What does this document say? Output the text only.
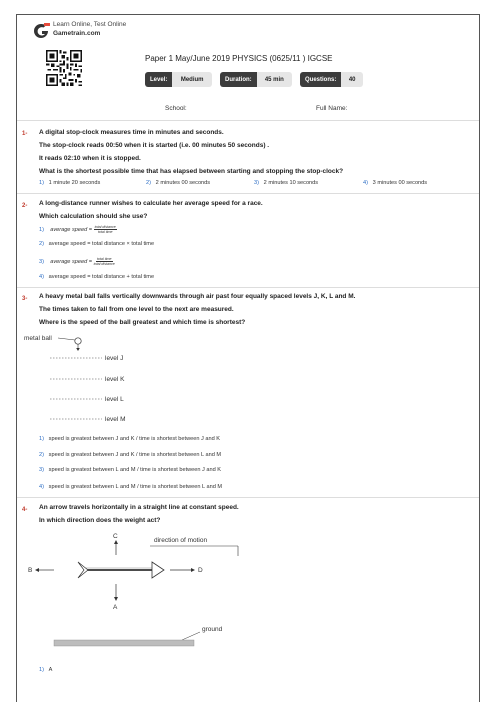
Learn Online, Test Online
Gametrain.com
Paper 1 May/June 2019 PHYSICS (0625/11 ) IGCSE
Level:	Medium	Duration:	45 min	Questions:	40
School:	Full Name:
1- A digital stop-clock measures time in minutes and seconds.
The stop-clock reads 00:50 when it is started (i.e. 00 minutes 50 seconds) .
It reads 02:10 when it is stopped.
What is the shortest possible time that has elapsed between starting and stopping the stop-clock?
1) 1 minute 20 seconds	2) 2 minutes 00 seconds	3) 2 minutes 10 seconds	4) 3 minutes 00 seconds
2- A long-distance runner wishes to calculate her average speed for a race.
Which calculation should she use?
1) average speed = $\frac{\text{total distance}}{\text{total time}}$
2) average speed = total distance × total time
3) average speed = $\frac{\text{total time}}{\text{total distance}}$
4) average speed = total distance + total time
3- A heavy metal ball falls vertically downwards through air past four equally spaced levels J, K, L and M.
The times taken to fall from one level to the next are measured.
Where is the speed of the ball greatest and which time is shortest?
metal ball
level J
level K
level L
level M
1) speed is greatest between J and K / time is shortest between J and K
2) speed is greatest between J and K / time is shortest between L and M
3) speed is greatest between L and M / time is shortest between J and K
4) speed is greatest between L and M / time is shortest between L and M
4- An arrow travels horizontally in a straight line at constant speed.
In which direction does the weight act?
C
direction of motion
B	D
A
ground
1) A
